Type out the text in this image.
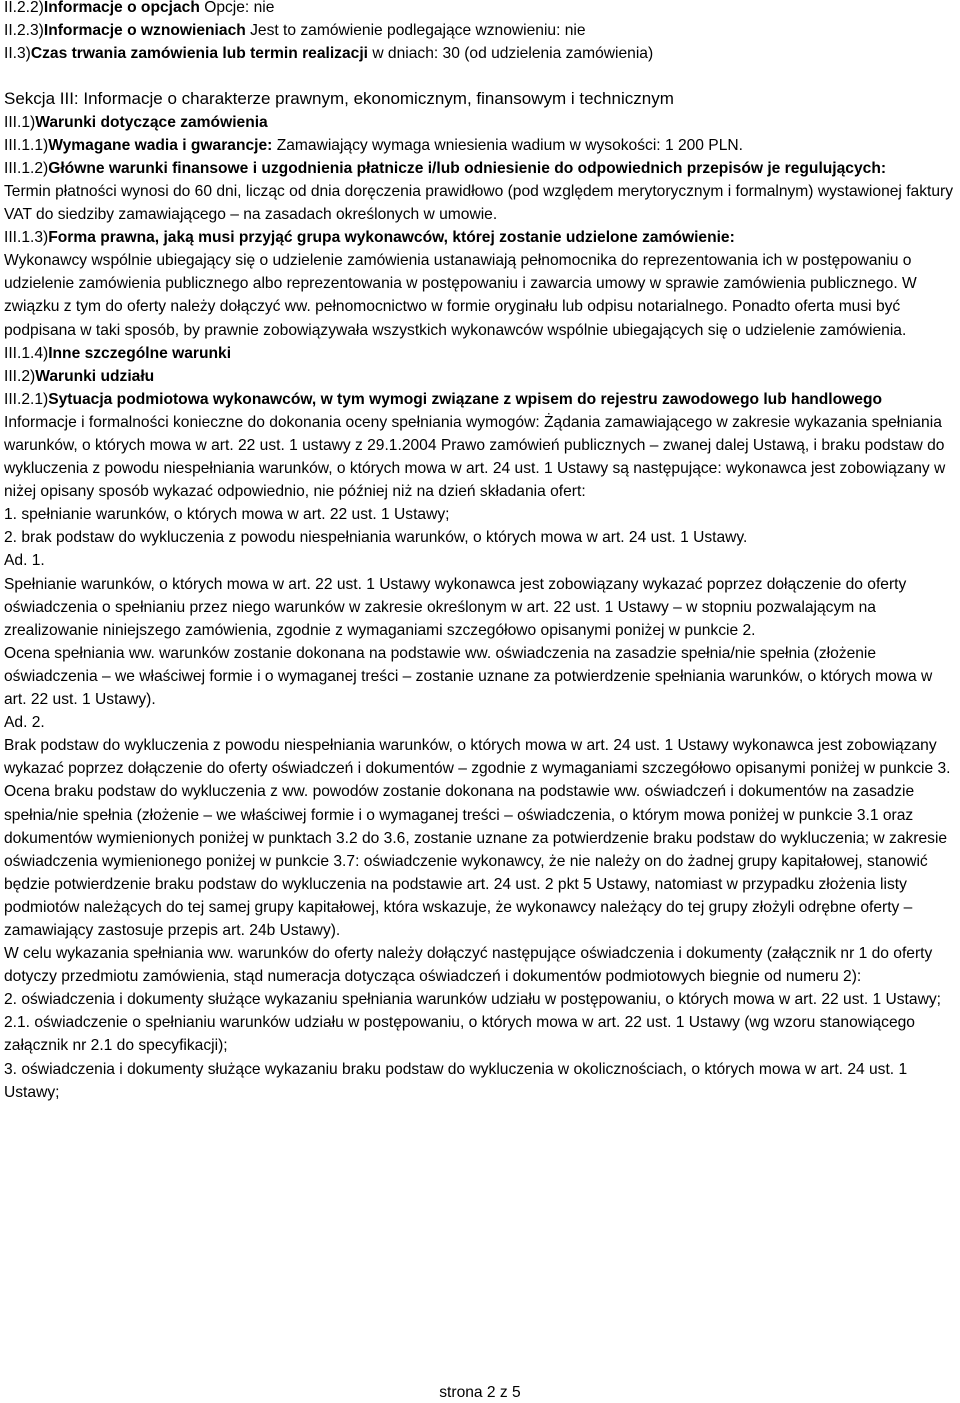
II.2.2)Informacje o opcjach Opcje: nie

II.2.3)Informacje o wznowieniach Jest to zamówienie podlegające wznowieniu: nie

II.3)Czas trwania zamówienia lub termin realizacji w dniach: 30 (od udzielenia zamówienia)

Sekcja III: Informacje o charakterze prawnym, ekonomicznym, finansowym i technicznym

III.1)Warunki dotyczące zamówienia

III.1.1)Wymagane wadia i gwarancje: Zamawiający wymaga wniesienia wadium w wysokości: 1 200 PLN.

III.1.2)Główne warunki finansowe i uzgodnienia płatnicze i/lub odniesienie do odpowiednich przepisów je regulujących:

Termin płatności wynosi do 60 dni, licząc od dnia doręczenia prawidłowo (pod względem merytorycznym i formalnym) wystawionej faktury VAT do siedziby zamawiającego – na zasadach określonych w umowie.

III.1.3)Forma prawna, jaką musi przyjąć grupa wykonawców, której zostanie udzielone zamówienie:

Wykonawcy wspólnie ubiegający się o udzielenie zamówienia ustanawiają pełnomocnika do reprezentowania ich w postępowaniu o udzielenie zamówienia publicznego albo reprezentowania w postępowaniu i zawarcia umowy w sprawie zamówienia publicznego. W związku z tym do oferty należy dołączyć ww. pełnomocnictwo w formie oryginału lub odpisu notarialnego. Ponadto oferta musi być podpisana w taki sposób, by prawnie zobowiązywała wszystkich wykonawców wspólnie ubiegających się o udzielenie zamówienia.

III.1.4)Inne szczególne warunki

III.2)Warunki udziału

III.2.1)Sytuacja podmiotowa wykonawców, w tym wymogi związane z wpisem do rejestru zawodowego lub handlowego

Informacje i formalności konieczne do dokonania oceny spełniania wymogów: Żądania zamawiającego w zakresie wykazania spełniania warunków, o których mowa w art. 22 ust. 1 ustawy z 29.1.2004 Prawo zamówień publicznych – zwanej dalej Ustawą, i braku podstaw do wykluczenia z powodu niespełniania warunków, o których mowa w art. 24 ust. 1 Ustawy są następujące: wykonawca jest zobowiązany w niżej opisany sposób wykazać odpowiednio, nie później niż na dzień składania ofert:

1. spełnianie warunków, o których mowa w art. 22 ust. 1 Ustawy;

2. brak podstaw do wykluczenia z powodu niespełniania warunków, o których mowa w art. 24 ust. 1 Ustawy.

Ad. 1.

Spełnianie warunków, o których mowa w art. 22 ust. 1 Ustawy wykonawca jest zobowiązany wykazać poprzez dołączenie do oferty oświadczenia o spełnianiu przez niego warunków w zakresie określonym w art. 22 ust. 1 Ustawy – w stopniu pozwalającym na zrealizowanie niniejszego zamówienia, zgodnie z wymaganiami szczegółowo opisanymi poniżej w punkcie 2.

Ocena spełniania ww. warunków zostanie dokonana na podstawie ww. oświadczenia na zasadzie spełnia/nie spełnia (złożenie oświadczenia – we właściwej formie i o wymaganej treści – zostanie uznane za potwierdzenie spełniania warunków, o których mowa w art. 22 ust. 1 Ustawy).

Ad. 2.

Brak podstaw do wykluczenia z powodu niespełniania warunków, o których mowa w art. 24 ust. 1 Ustawy wykonawca jest zobowiązany wykazać poprzez dołączenie do oferty oświadczeń i dokumentów – zgodnie z wymaganiami szczegółowo opisanymi poniżej w punkcie 3.

Ocena braku podstaw do wykluczenia z ww. powodów zostanie dokonana na podstawie ww. oświadczeń i dokumentów na zasadzie spełnia/nie spełnia (złożenie – we właściwej formie i o wymaganej treści – oświadczenia, o którym mowa poniżej w punkcie 3.1 oraz dokumentów wymienionych poniżej w punktach 3.2 do 3.6, zostanie uznane za potwierdzenie braku podstaw do wykluczenia; w zakresie oświadczenia wymienionego poniżej w punkcie 3.7: oświadczenie wykonawcy, że nie należy on do żadnej grupy kapitałowej, stanowić będzie potwierdzenie braku podstaw do wykluczenia na podstawie art. 24 ust. 2 pkt 5 Ustawy, natomiast w przypadku złożenia listy podmiotów należących do tej samej grupy kapitałowej, która wskazuje, że wykonawcy należący do tej grupy złożyli odrębne oferty – zamawiający zastosuje przepis art. 24b Ustawy).

W celu wykazania spełniania ww. warunków do oferty należy dołączyć następujące oświadczenia i dokumenty (załącznik nr 1 do oferty dotyczy przedmiotu zamówienia, stąd numeracja dotycząca oświadczeń i dokumentów podmiotowych biegnie od numeru 2):

2. oświadczenia i dokumenty służące wykazaniu spełniania warunków udziału w postępowaniu, o których mowa w art. 22 ust. 1 Ustawy;

2.1. oświadczenie o spełnianiu warunków udziału w postępowaniu, o których mowa w art. 22 ust. 1 Ustawy (wg wzoru stanowiącego załącznik nr 2.1 do specyfikacji);

3. oświadczenia i dokumenty służące wykazaniu braku podstaw do wykluczenia w okolicznościach, o których mowa w art. 24 ust. 1 Ustawy;

strona 2 z 5
